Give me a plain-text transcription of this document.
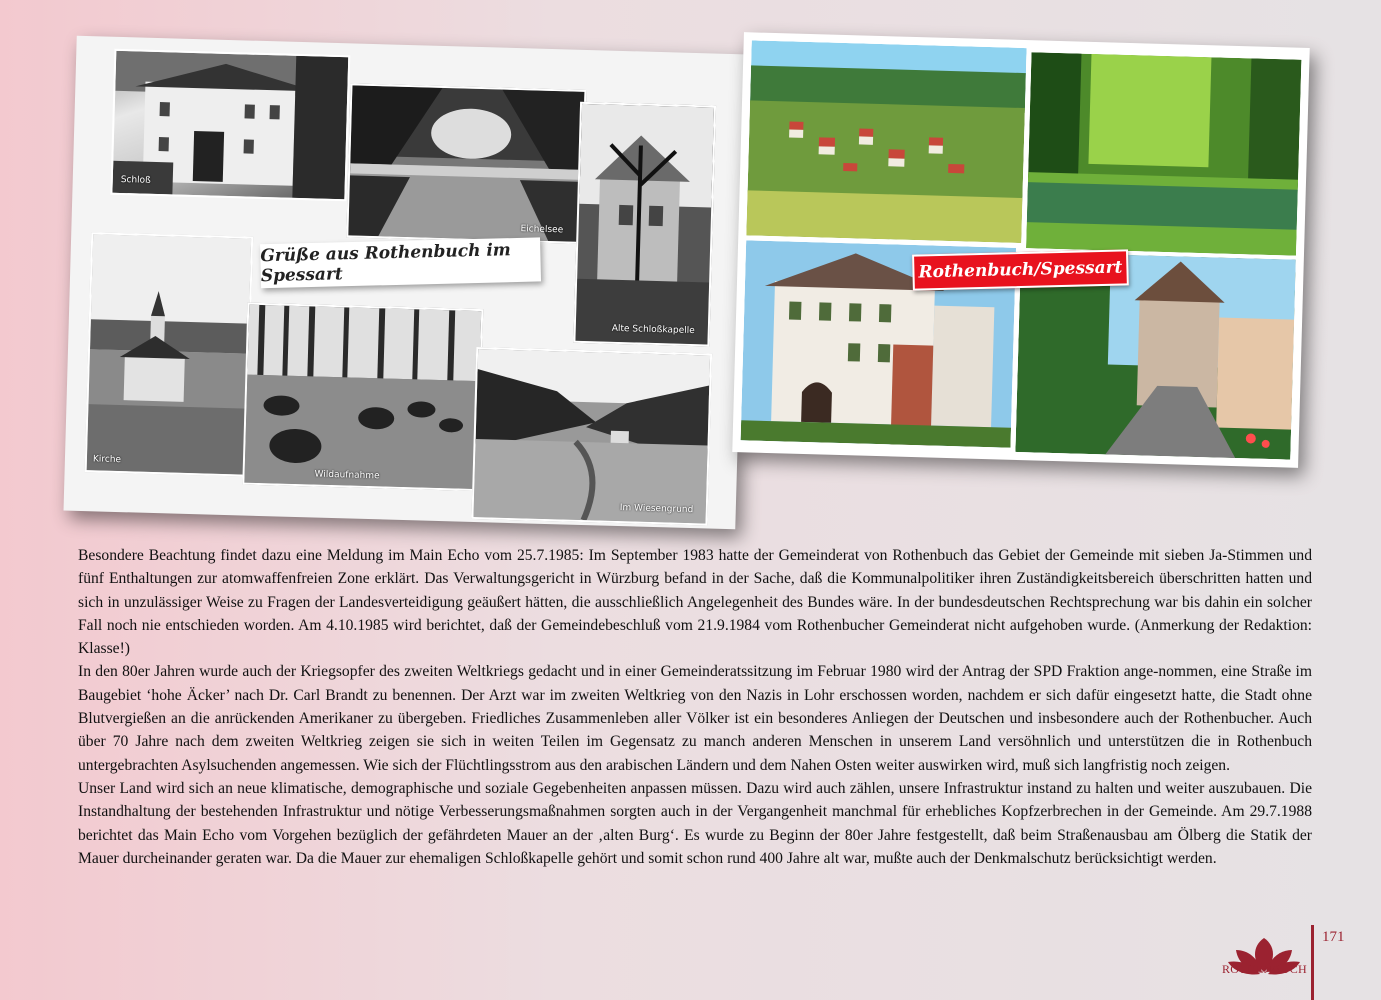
Schloß
Eichelsee
Alte Schloßkapelle
Kirche
Wildaufnahme
Im Wiesengrund
Grüße aus Rothenbuch im Spessart	Rothenbuch/Spessart

Besondere Beachtung findet dazu eine Meldung im Main Echo vom 25.7.1985: Im September 1983 hatte der Gemeinderat von Rothenbuch das Gebiet der Gemeinde mit sieben Ja-Stimmen und fünf Enthaltungen zur atomwaffenfreien Zone erklärt. Das Verwaltungsgericht in Würzburg befand in der Sache, daß die Kommunalpolitiker ihren Zuständigkeitsbereich überschritten hatten und sich in unzulässiger Weise zu Fragen der Landesverteidigung geäußert hätten, die ausschließlich Angelegenheit des Bundes wäre. In der bundesdeutschen Rechtsprechung war bis dahin ein solcher Fall noch nie entschieden worden. Am 4.10.1985 wird berichtet, daß der Gemeindebeschluß vom 21.9.1984 vom Rothenbucher Gemeinderat nicht aufgehoben wurde. (Anmerkung der Redaktion: Klasse!)

In den 80er Jahren wurde auch der Kriegsopfer des zweiten Weltkriegs gedacht und in einer Gemeinderatssitzung im Februar 1980 wird der Antrag der SPD Fraktion ange-nommen, eine Straße im Baugebiet ‘hohe Äcker’ nach Dr. Carl Brandt zu benennen. Der Arzt war im zweiten Weltkrieg von den Nazis in Lohr erschossen worden, nachdem er sich dafür eingesetzt hatte, die Stadt ohne Blutvergießen an die anrückenden Amerikaner zu übergeben. Friedliches Zusammenleben aller Völker ist ein besonderes Anliegen der Deutschen und insbesondere auch der Rothenbucher. Auch über 70 Jahre nach dem zweiten Weltkrieg zeigen sie sich in weiten Teilen im Gegensatz zu manch anderen Menschen in unserem Land versöhnlich und unterstützen die in Rothenbuch untergebrachten Asylsuchenden angemessen. Wie sich der Flüchtlingsstrom aus den arabischen Ländern und dem Nahen Osten weiter auswirken wird, muß sich langfristig noch zeigen.

Unser Land wird sich an neue klimatische, demographische und soziale Gegebenheiten anpassen müssen. Dazu wird auch zählen, unsere Infrastruktur instand zu halten und weiter auszubauen. Die Instandhaltung der bestehenden Infrastruktur und nötige Verbesserungsmaßnahmen sorgten auch in der Vergangenheit manchmal für erhebliches Kopfzerbrechen in der Gemeinde. Am 29.7.1988 berichtet das Main Echo vom Vorgehen bezüglich der gefährdeten Mauer an der ‚alten Burg‘. Es wurde zu Beginn der 80er Jahre festgestellt, daß beim Straßenausbau am Ölberg die Statik der Mauer durcheinander geraten war. Da die Mauer zur ehemaligen Schloßkapelle gehört und somit schon rund 400 Jahre alt war, mußte auch der Denkmalschutz berücksichtigt werden.

ROTHENBUCH
171
